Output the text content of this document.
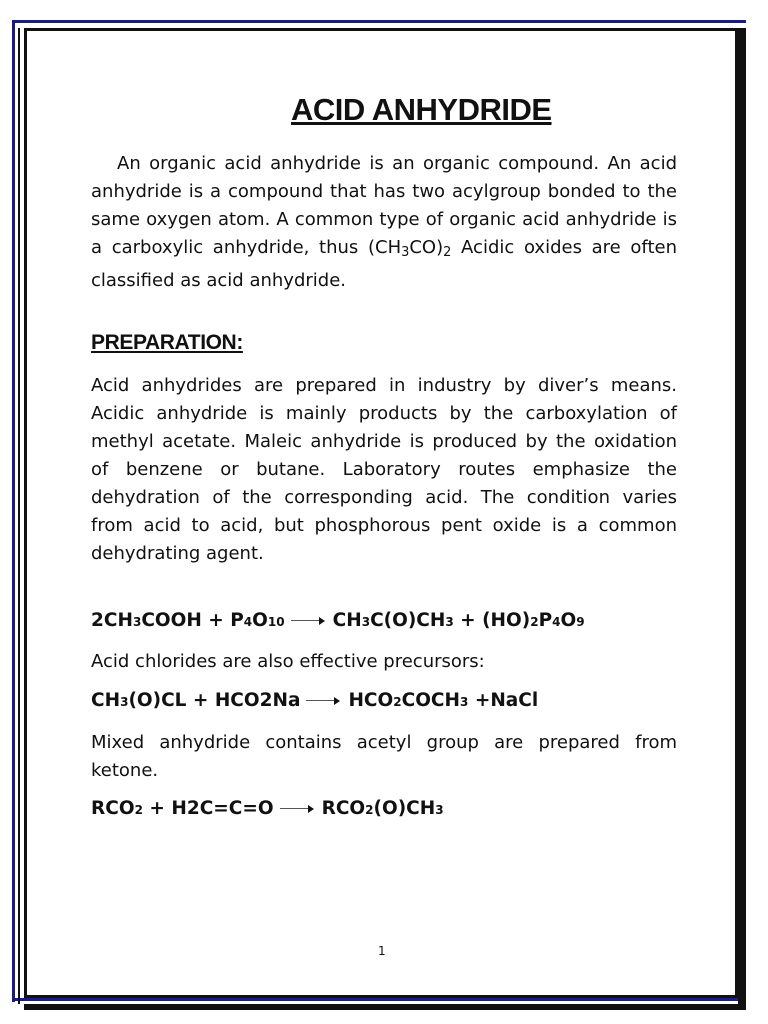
ACID ANHYDRIDE

An organic acid anhydride is an organic compound. An acid anhydride is a compound that has two acylgroup bonded to the same oxygen atom. A common type of organic acid anhydride is a carboxylic anhydride, thus (CH3CO)2 Acidic oxides are often classified as acid anhydride.

PREPARATION:

Acid anhydrides are prepared in industry by diver’s means. Acidic anhydride is mainly products by the carboxylation of methyl acetate. Maleic anhydride is produced by the oxidation of benzene or butane. Laboratory routes emphasize the dehydration of the corresponding acid. The condition varies from acid to acid, but phosphorous pent oxide is a common dehydrating agent.

2CH 3 COOH + P 4 O 10	CH 3 C(O)CH 3 + (HO) 2 P 4 O 9

Acid chlorides are also effective precursors:

CH 3 (O)CL + HCO2Na	HCO 2 COCH 3 +NaCl

Mixed anhydride contains acetyl group are prepared from ketone.

RCO 2
+ H2C=C=O	RCO 2 (O)CH 3
1
